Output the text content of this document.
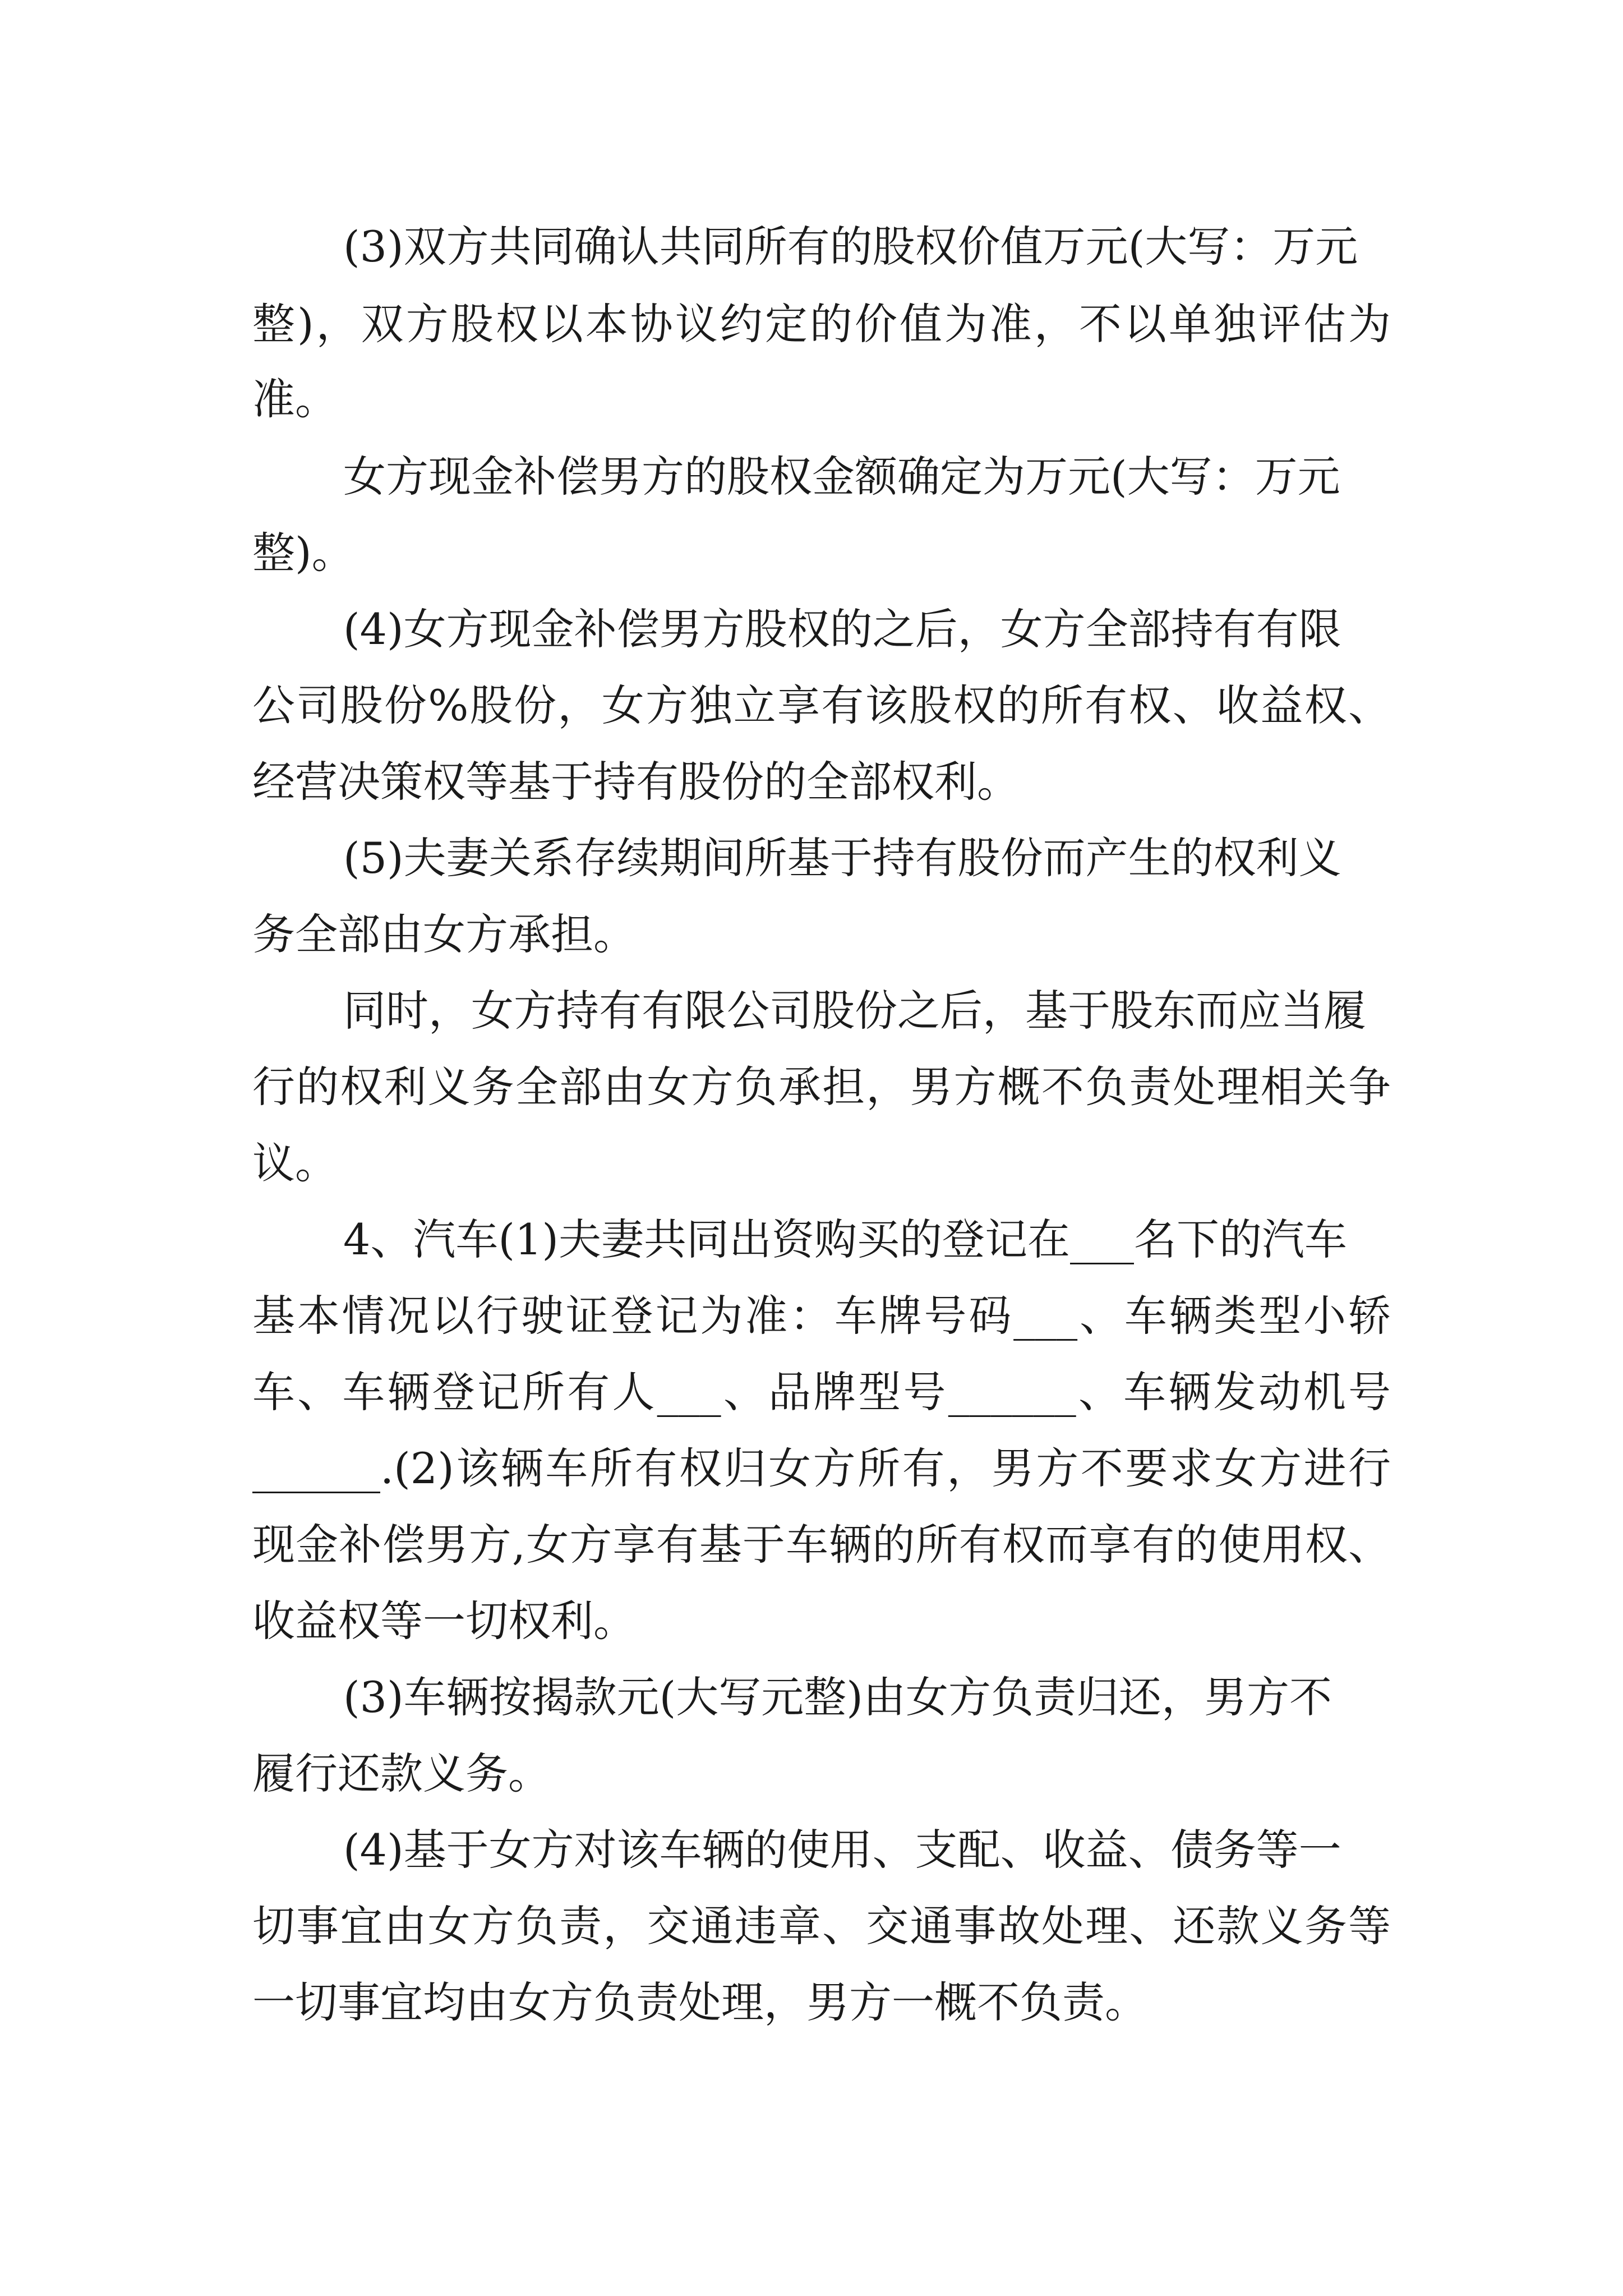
(3)双方共同确认共同所有的股权价值万元(大写：万元

整)，双方股权以本协议约定的价值为准，不以单独评估为

准。

女方现金补偿男方的股权金额确定为万元(大写：万元

整)。

(4)女方现金补偿男方股权的之后，女方全部持有有限

公司股份%股份，女方独立享有该股权的所有权、收益权、

经营决策权等基于持有股份的全部权利。

(5)夫妻关系存续期间所基于持有股份而产生的权利义

务全部由女方承担。

同时，女方持有有限公司股份之后，基于股东而应当履

行的权利义务全部由女方负承担，男方概不负责处理相关争

议。

4、汽车(1)夫妻共同出资购买的登记在___名下的汽车

基本情况以行驶证登记为准：车牌号码___、车辆类型小轿

车、车辆登记所有人___、品牌型号______、车辆发动机号

______.(2)该辆车所有权归女方所有，男方不要求女方进行

现金补偿男方,女方享有基于车辆的所有权而享有的使用权、

收益权等一切权利。

(3)车辆按揭款元(大写元整)由女方负责归还，男方不

履行还款义务。

(4)基于女方对该车辆的使用、支配、收益、债务等一

切事宜由女方负责，交通违章、交通事故处理、还款义务等

一切事宜均由女方负责处理，男方一概不负责。
